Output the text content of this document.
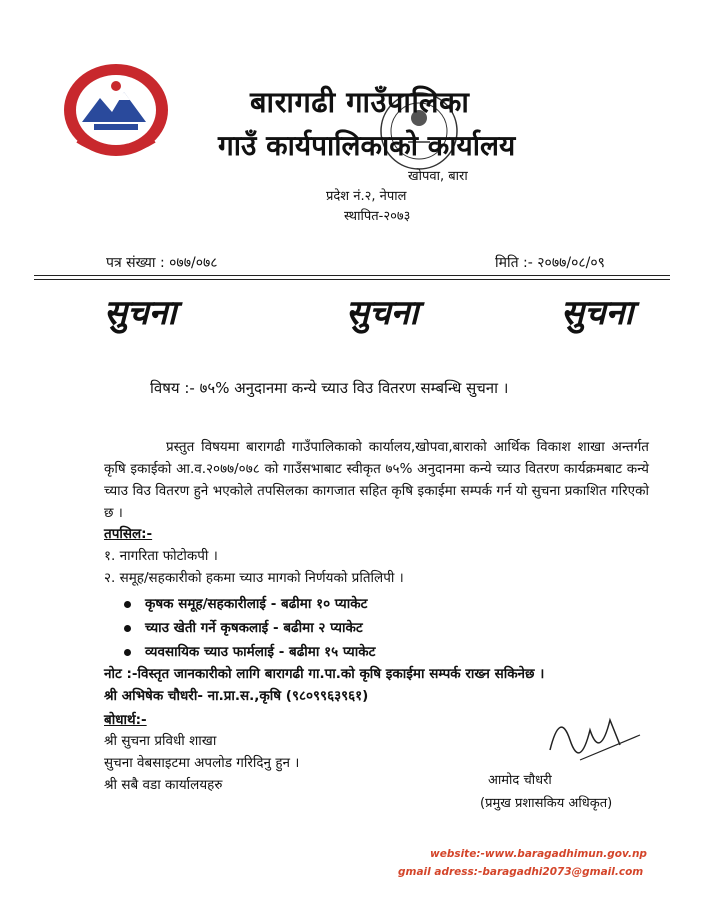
बारागढी गाउँपालिका
गाउँ कार्यपालिकाको कार्यालय
खोपवा, बारा
प्रदेश नं.२, नेपाल
स्थापित-२०७३
पत्र संख्या : ०७७/०७८	मिति :- २०७७/०८/०९
सुचना	सुचना	सुचना
विषय :- ७५% अनुदानमा कन्ये च्याउ विउ वितरण सम्बन्धि सुचना ।
प्रस्तुत विषयमा बारागढी गाउँपालिकाको कार्यालय,खोपवा,बाराको आर्थिक विकाश शाखा अन्तर्गत कृषि इकाईको आ.व.२०७७/०७८ को गाउँसभाबाट स्वीकृत ७५% अनुदानमा कन्ये च्याउ वितरण कार्यक्रमबाट कन्ये च्याउ विउ वितरण हुने भएकोले तपसिलका कागजात सहित कृषि इकाईमा सम्पर्क गर्न यो सुचना प्रकाशित गरिएको छ ।
तपसिल:-
१. नागरिता फोटोकपी ।
२. समूह/सहकारीको हकमा च्याउ मागको निर्णयको प्रतिलिपी ।
कृषक समूह/सहकारीलाई - बढीमा १० प्याकेट
च्याउ खेती गर्ने कृषकलाई - बढीमा २ प्याकेट
व्यवसायिक च्याउ फार्मलाई - बढीमा १५ प्याकेट
नोट :-विस्तृत जानकारीको लागि बारागढी गा.पा.को कृषि इकाईमा सम्पर्क राख्न सकिनेछ ।
श्री अभिषेक चौधरी- ना.प्रा.स.,कृषि (९८०९९६३९६१)
बोधार्थ:-
श्री सुचना प्रविधी शाखा
सुचना वेबसाइटमा अपलोड गरिदिनु हुन ।
श्री सबै वडा कार्यालयहरु	आमोद चौधरी
(प्रमुख प्रशासकिय अधिकृत)
website:-www.baragadhimun.gov.np
gmail adress:-baragadhi2073@gmail.com
